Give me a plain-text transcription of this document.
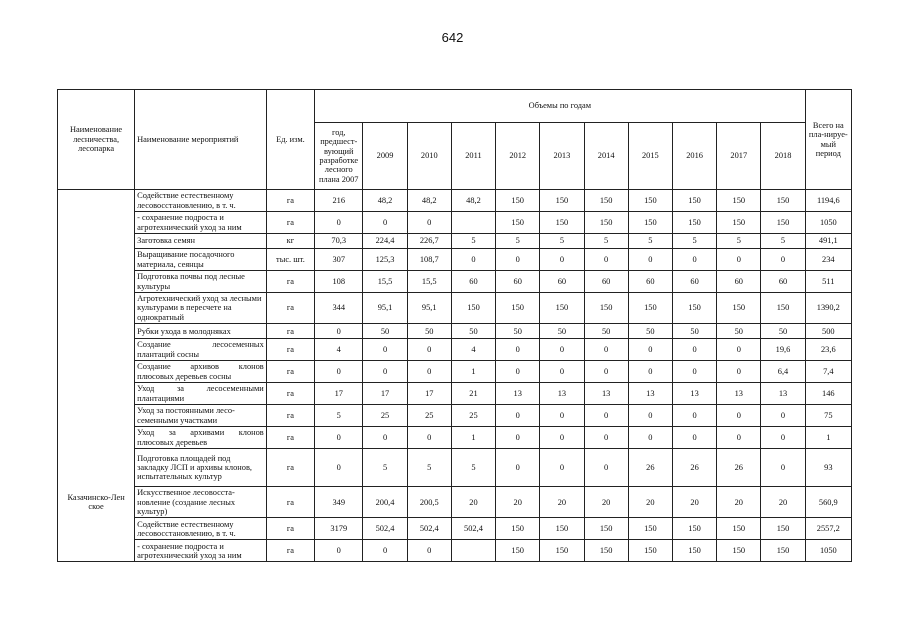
642
Наименование лесничества, лесопарка	Наименование мероприятий	Ед. изм.	Объемы по годам											Всего на пла-нируе-мый период
			год, предшест-вующий разработке лесного плана 2007	2009	2010	2011	2012	2013	2014	2015	2016	2017	2018	
	Содействие естественному лесовосстановлению, в т. ч.	га	216	48,2	48,2	48,2	150	150	150	150	150	150	150	1194,6
	- сохранение подроста и агротехнический уход за ним	га	0	0	0		150	150	150	150	150	150	150	1050
	Заготовка семян	кг	70,3	224,4	226,7	5	5	5	5	5	5	5	5	491,1
	Выращивание посадочного материала, сеянцы	тыс. шт.	307	125,3	108,7	0	0	0	0	0	0	0	0	234
	Подготовка почвы под лесные культуры	га	108	15,5	15,5	60	60	60	60	60	60	60	60	511
	Агротехнический уход за лесными культурами в пересчете на однократный	га	344	95,1	95,1	150	150	150	150	150	150	150	150	1390,2
	Рубки ухода в молодняках	га	0	50	50	50	50	50	50	50	50	50	50	500
	Создание лесосеменных плантаций сосны	га	4	0	0	4	0	0	0	0	0	0	19,6	23,6
	Создание архивов клонов плюсовых деревьев сосны	га	0	0	0	1	0	0	0	0	0	0	6,4	7,4
	Уход за лесосеменными плантациями	га	17	17	17	21	13	13	13	13	13	13	13	146
	Уход за постоянными лесо-семенными участками	га	5	25	25	25	0	0	0	0	0	0	0	75
	Уход за архивами клонов плюсовых деревьев	га	0	0	0	1	0	0	0	0	0	0	0	1
	Подготовка площадей под закладку ЛСП и архивы клонов, испытательных культур	га	0	5	5	5	0	0	0	26	26	26	0	93
Казачинско-Лен ское	Искусственное лесовосста-новление (создание лесных культур)	га	349	200,4	200,5	20	20	20	20	20	20	20	20	560,9
	Содействие естественному лесовосстановлению, в т. ч.	га	3179	502,4	502,4	502,4	150	150	150	150	150	150	150	2557,2
	- сохранение подроста и агротехнический уход за ним	га	0	0	0		150	150	150	150	150	150	150	1050
